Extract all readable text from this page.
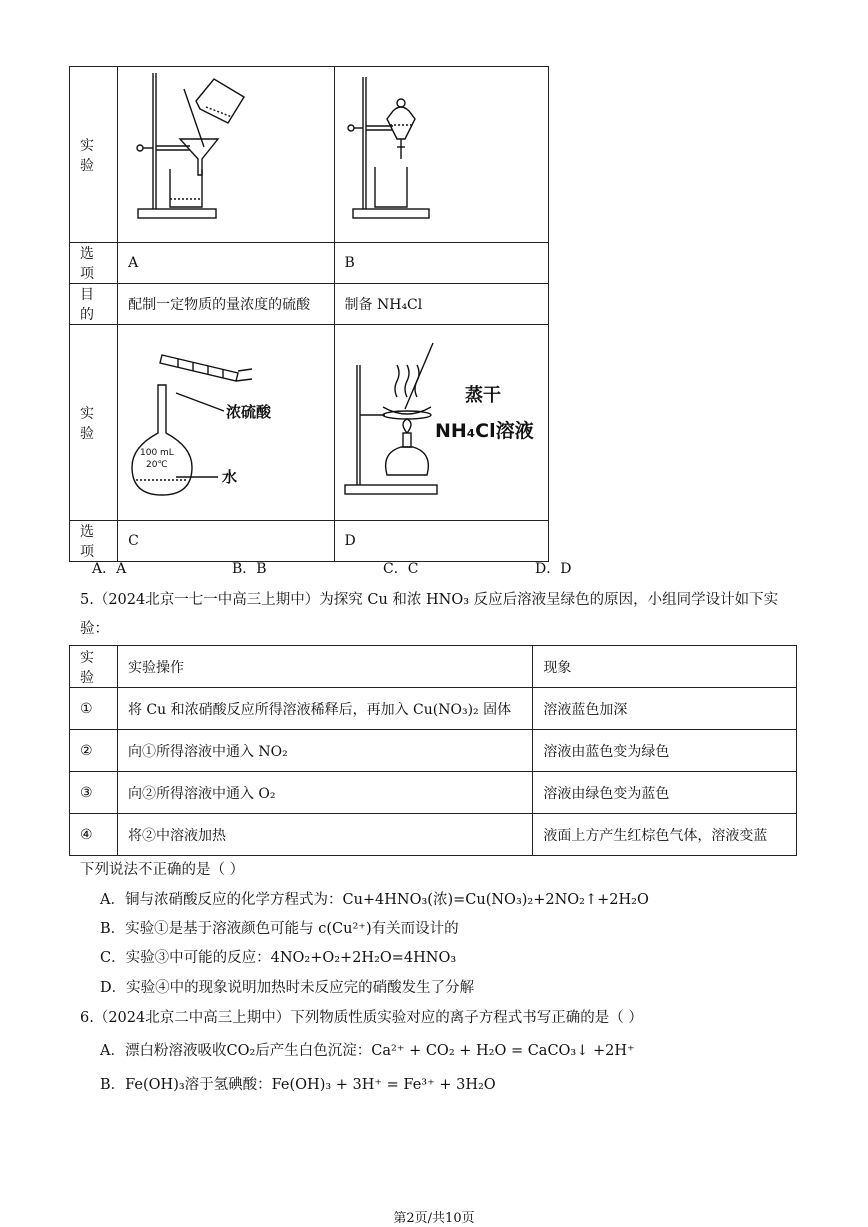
实验		
选项	A	B
目的	配制一定物质的量浓度的硫酸	制备 NH₄Cl
实验	浓硫酸
100 mL
20℃
水	蒸干
NH₄Cl溶液

选项	C	D
A．A	B．B	C．C	D．D
5.（2024北京一七一中高三上期中）为探究 Cu 和浓 HNO₃ 反应后溶液呈绿色的原因，小组同学设计如下实
验：
实验	实验操作	现象
①	将 Cu 和浓硝酸反应所得溶液稀释后，再加入 Cu(NO₃)₂ 固体	溶液蓝色加深
②	向①所得溶液中通入 NO₂	溶液由蓝色变为绿色
③	向②所得溶液中通入 O₂	溶液由绿色变为蓝色
④	将②中溶液加热	液面上方产生红棕色气体，溶液变蓝
下列说法不正确的是（ ）
A．铜与浓硝酸反应的化学方程式为：Cu+4HNO₃(浓)=Cu(NO₃)₂+2NO₂↑+2H₂O
B．实验①是基于溶液颜色可能与 c(Cu²⁺)有关而设计的
C．实验③中可能的反应：4NO₂+O₂+2H₂O=4HNO₃
D．实验④中的现象说明加热时未反应完的硝酸发生了分解
6.（2024北京二中高三上期中）下列物质性质实验对应的离子方程式书写正确的是（ ）
A．漂白粉溶液吸收CO₂后产生白色沉淀：Ca²⁺ + CO₂ + H₂O = CaCO₃↓ +2H⁺
B．Fe(OH)₃溶于氢碘酸：Fe(OH)₃ + 3H⁺ = Fe³⁺ + 3H₂O
第2页/共10页
